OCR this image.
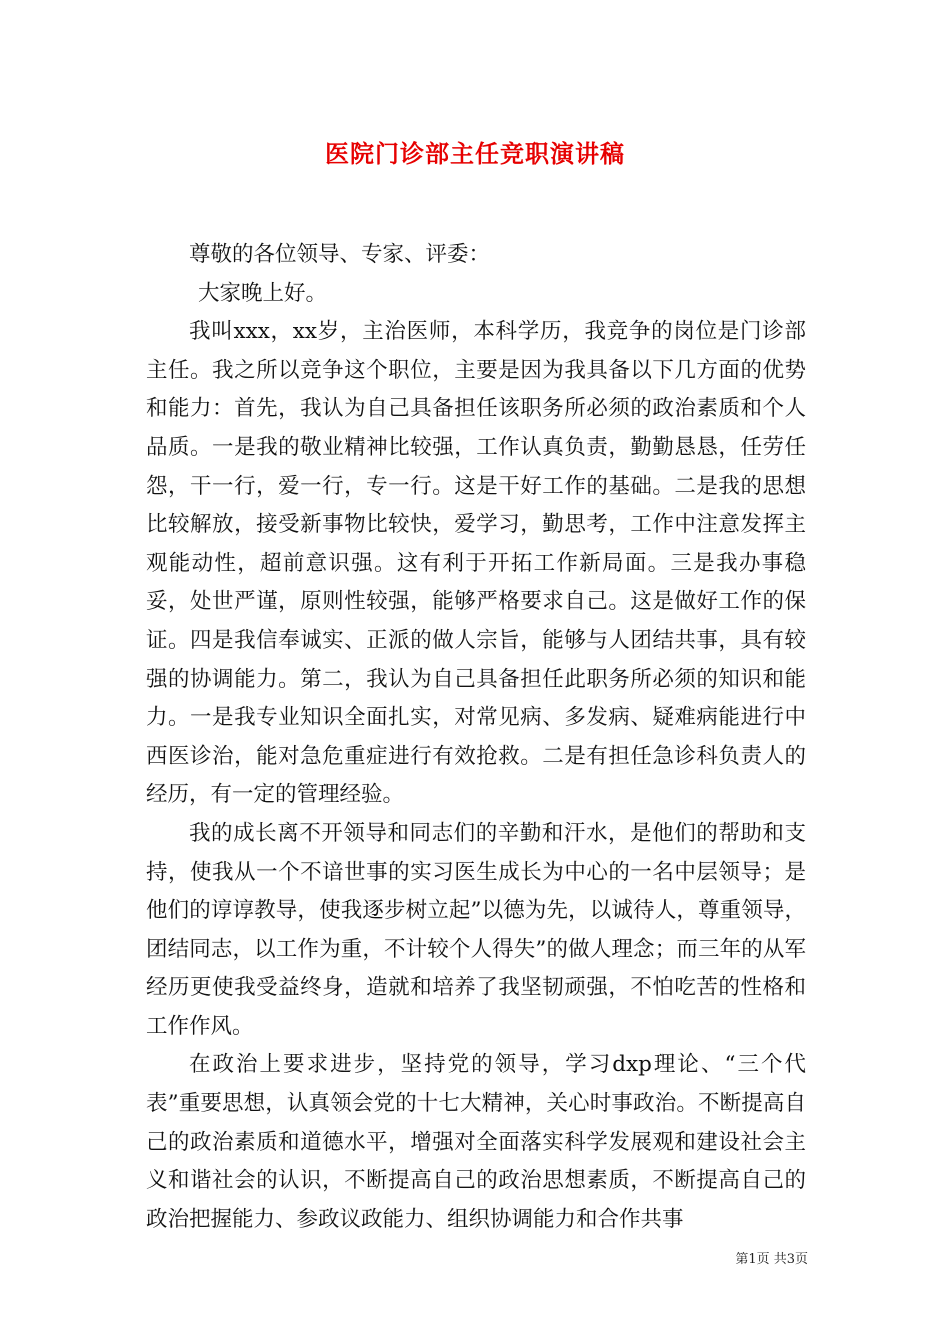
医院门诊部主任竞职演讲稿

尊敬的各位领导、专家、评委：

大家晚上好。

我叫xxx，xx岁，主治医师，本科学历，我竞争的岗位是门诊部主任。我之所以竞争这个职位，主要是因为我具备以下几方面的优势和能力：首先，我认为自己具备担任该职务所必须的政治素质和个人品质。一是我的敬业精神比较强，工作认真负责，勤勤恳恳，任劳任怨，干一行，爱一行，专一行。这是干好工作的基础。二是我的思想比较解放，接受新事物比较快，爱学习，勤思考，工作中注意发挥主观能动性，超前意识强。这有利于开拓工作新局面。三是我办事稳妥，处世严谨，原则性较强，能够严格要求自己。这是做好工作的保证。四是我信奉诚实、正派的做人宗旨，能够与人团结共事，具有较强的协调能力。第二，我认为自己具备担任此职务所必须的知识和能力。一是我专业知识全面扎实，对常见病、多发病、疑难病能进行中西医诊治，能对急危重症进行有效抢救。二是有担任急诊科负责人的经历，有一定的管理经验。

我的成长离不开领导和同志们的辛勤和汗水，是他们的帮助和支持，使我从一个不谙世事的实习医生成长为中心的一名中层领导；是他们的谆谆教导，使我逐步树立起”以德为先，以诚待人，尊重领导，团结同志，以工作为重，不计较个人得失”的做人理念；而三年的从军经历更使我受益终身，造就和培养了我坚韧顽强，不怕吃苦的性格和工作作风。

在政治上要求进步，坚持党的领导，学习dxp理论、“三个代表”重要思想，认真领会党的十七大精神，关心时事政治。不断提高自己的政治素质和道德水平，增强对全面落实科学发展观和建设社会主义和谐社会的认识，不断提高自己的政治思想素质，不断提高自己的政治把握能力、参政议政能力、组织协调能力和合作共事

第1页 共3页
